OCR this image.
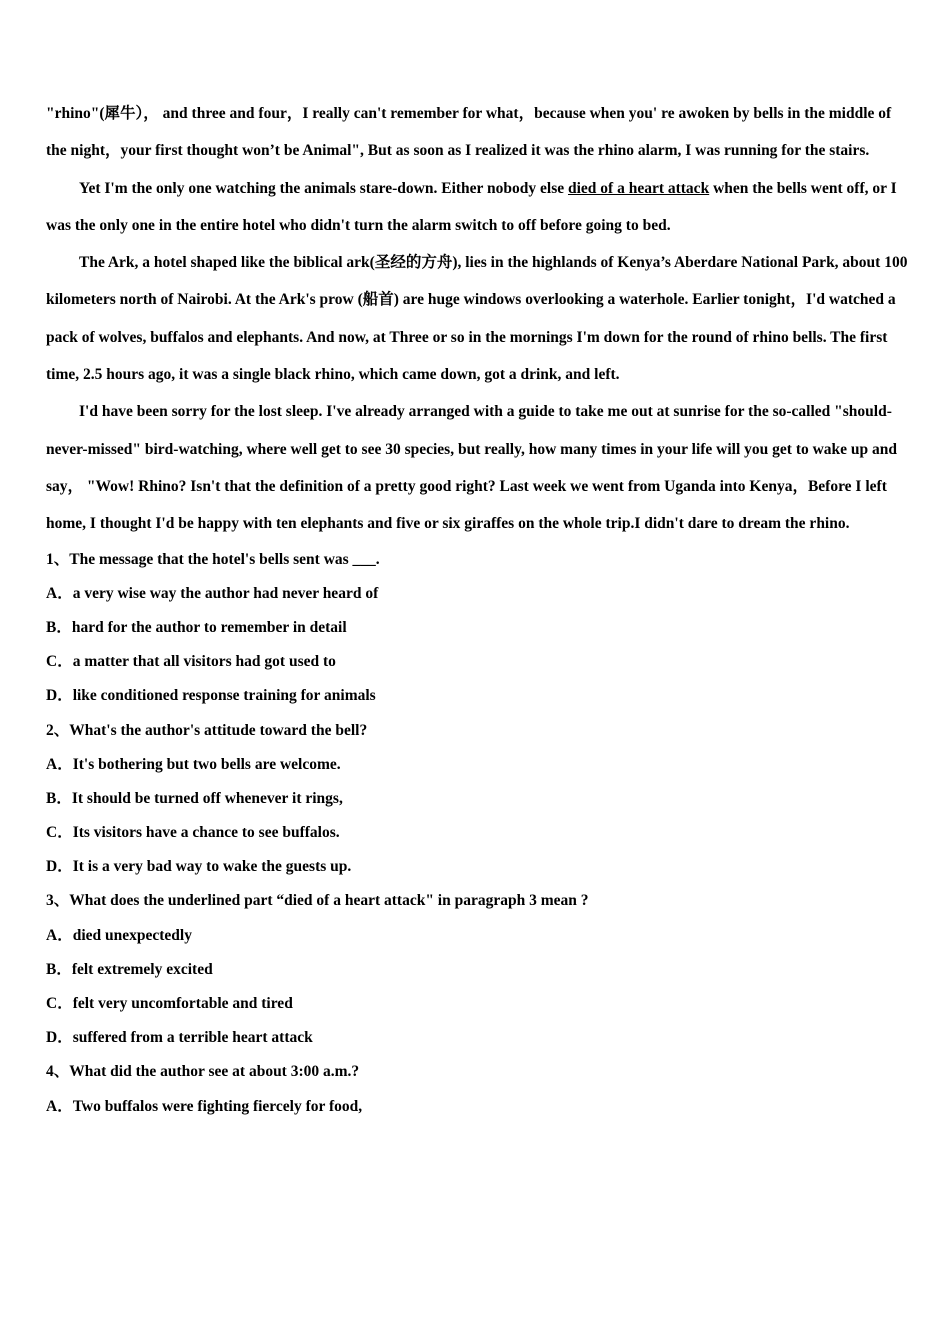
"rhino"(犀牛）， and three and four，I really can't remember for what，because when you' re awoken by bells in the middle of the night，your first thought won’t be Animal", But as soon as I realized it was the rhino alarm, I was running for the stairs.

Yet I'm the only one watching the animals stare-down. Either nobody else died of a heart attack when the bells went off, or I was the only one in the entire hotel who didn't turn the alarm switch to off before going to bed.

The Ark, a hotel shaped like the biblical ark(圣经的方舟), lies in the highlands of Kenya’s Aberdare National Park, about 100 kilometers north of Nairobi. At the Ark's prow (船首) are huge windows overlooking a waterhole. Earlier tonight，I'd watched a pack of wolves, buffalos and elephants. And now, at Three or so in the mornings I'm down for the round of rhino bells. The first time, 2.5 hours ago, it was a single black rhino, which came down, got a drink, and left.

I'd have been sorry for the lost sleep. I've already arranged with a guide to take me out at sunrise for the so-called "should-never-missed" bird-watching, where well get to see 30 species, but really, how many times in your life will you get to wake up and say， "Wow! Rhino? Isn't that the definition of a pretty good right? Last week we went from Uganda into Kenya，Before I left home, I thought I'd be happy with ten elephants and five or six giraffes on the whole trip.I didn't dare to dream the rhino.

1、The message that the hotel's bells sent was ___.

A．a very wise way the author had never heard of

B．hard for the author to remember in detail

C．a matter that all visitors had got used to

D．like conditioned response training for animals

2、What's the author's attitude toward the bell?

A．It's bothering but two bells are welcome.

B．It should be turned off whenever it rings,

C．Its visitors have a chance to see buffalos.

D．It is a very bad way to wake the guests up.

3、What does the underlined part “died of a heart attack" in paragraph 3 mean ?

A．died unexpectedly

B．felt extremely excited

C．felt very uncomfortable and tired

D．suffered from a terrible heart attack

4、What did the author see at about 3:00 a.m.?

A．Two buffalos were fighting fiercely for food,
